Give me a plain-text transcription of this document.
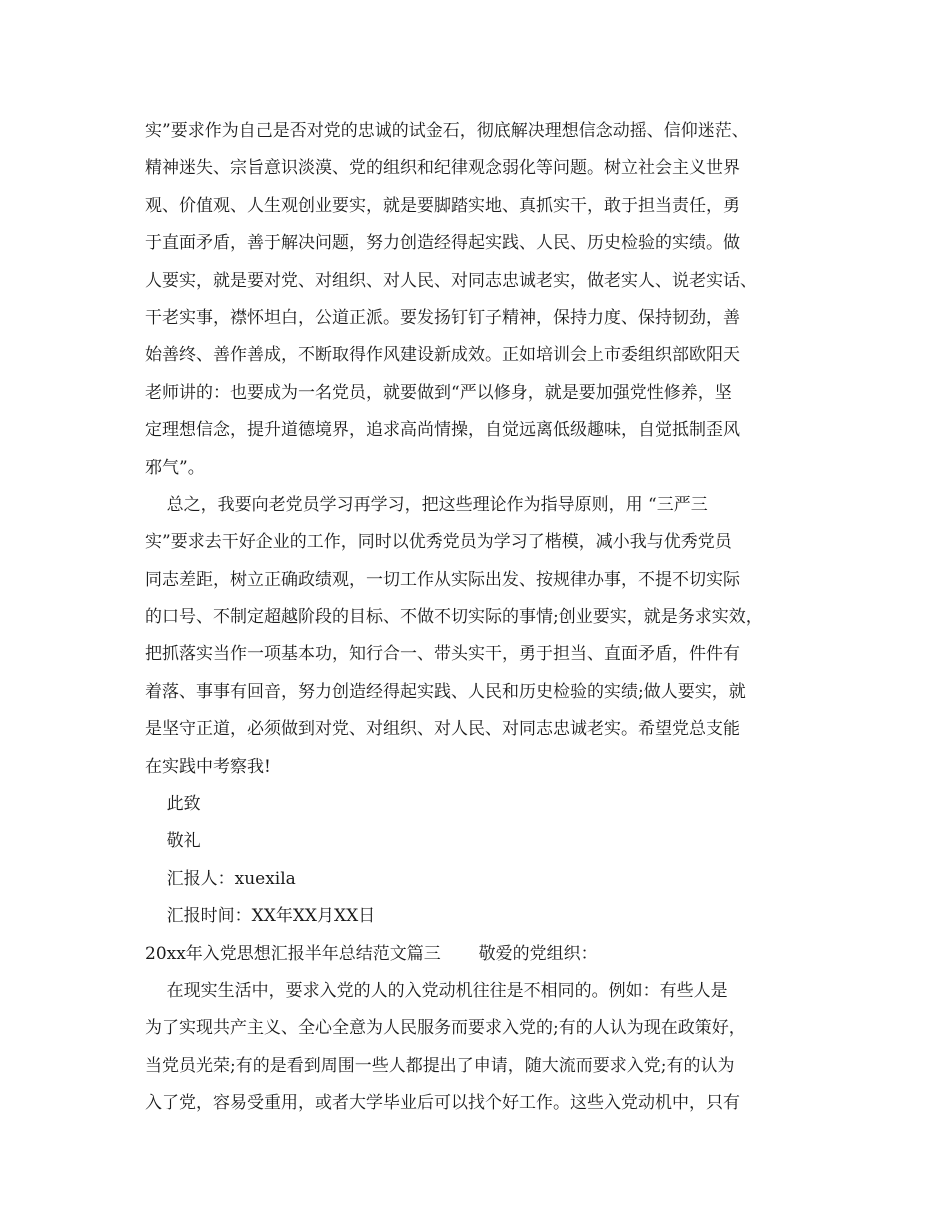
实”要求作为自己是否对党的忠诚的试金石，彻底解决理想信念动摇、信仰迷茫、
精神迷失、宗旨意识淡漠、党的组织和纪律观念弱化等问题。树立社会主义世界
观、价值观、人生观创业要实，就是要脚踏实地、真抓实干，敢于担当责任，勇
于直面矛盾，善于解决问题，努力创造经得起实践、人民、历史检验的实绩。做
人要实，就是要对党、对组织、对人民、对同志忠诚老实，做老实人、说老实话、
干老实事，襟怀坦白，公道正派。要发扬钉钉子精神，保持力度、保持韧劲，善
始善终、善作善成，不断取得作风建设新成效。正如培训会上市委组织部欧阳天
老师讲的：也要成为一名党员，就要做到“严以修身，就是要加强党性修养，坚
定理想信念，提升道德境界，追求高尚情操，自觉远离低级趣味，自觉抵制歪风
邪气”。
总之，我要向老党员学习再学习，把这些理论作为指导原则，用 “三严三
实”要求去干好企业的工作，同时以优秀党员为学习了楷模，减小我与优秀党员
同志差距，树立正确政绩观，一切工作从实际出发、按规律办事，不提不切实际
的口号、不制定超越阶段的目标、不做不切实际的事情;创业要实，就是务求实效，
把抓落实当作一项基本功，知行合一、带头实干，勇于担当、直面矛盾，件件有
着落、事事有回音，努力创造经得起实践、人民和历史检验的实绩;做人要实，就
是坚守正道，必须做到对党、对组织、对人民、对同志忠诚老实。希望党总支能
在实践中考察我!
此致
敬礼
汇报人：xuexila
汇报时间：XX年XX月XX日
20xx年入党思想汇报半年总结范文篇三       敬爱的党组织：
在现实生活中，要求入党的人的入党动机往往是不相同的。例如：有些人是
为了实现共产主义、全心全意为人民服务而要求入党的;有的人认为现在政策好，
当党员光荣;有的是看到周围一些人都提出了申请，随大流而要求入党;有的认为
入了党，容易受重用，或者大学毕业后可以找个好工作。这些入党动机中，只有
